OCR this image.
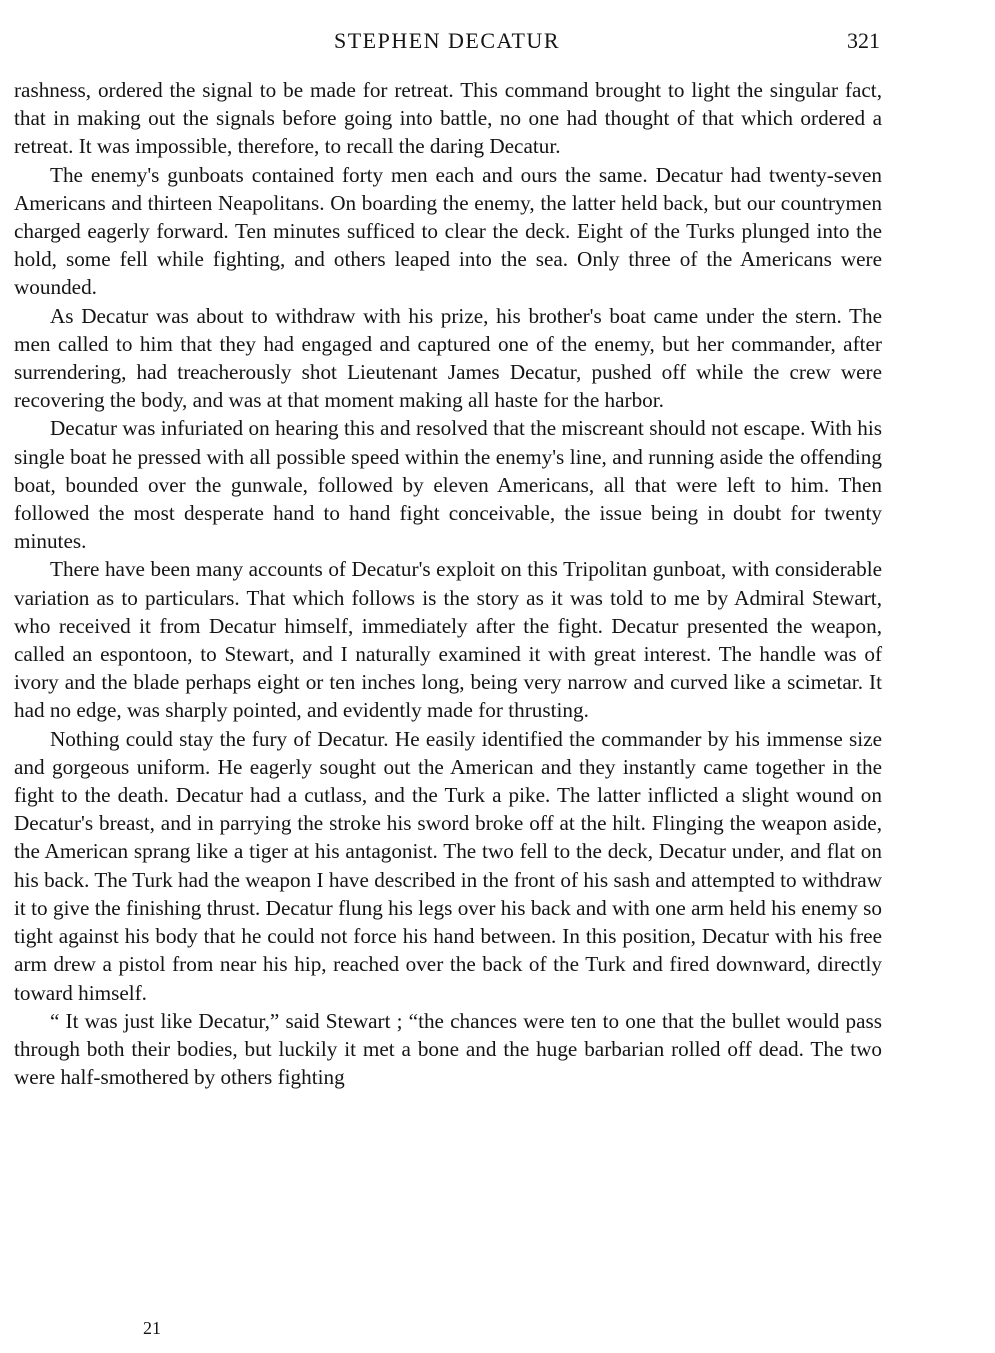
STEPHEN DECATUR	321

rashness, ordered the signal to be made for retreat. This command brought to light the singular fact, that in making out the signals before going into battle, no one had thought of that which ordered a retreat. It was impossible, therefore, to recall the daring Decatur.

The enemy's gunboats contained forty men each and ours the same. Decatur had twenty-seven Americans and thirteen Neapolitans. On boarding the enemy, the latter held back, but our countrymen charged eagerly forward. Ten minutes sufficed to clear the deck. Eight of the Turks plunged into the hold, some fell while fighting, and others leaped into the sea. Only three of the Americans were wounded.

As Decatur was about to withdraw with his prize, his brother's boat came under the stern. The men called to him that they had engaged and captured one of the enemy, but her commander, after surrendering, had treacherously shot Lieutenant James Decatur, pushed off while the crew were recovering the body, and was at that moment making all haste for the harbor.

Decatur was infuriated on hearing this and resolved that the miscreant should not escape. With his single boat he pressed with all possible speed within the enemy's line, and running aside the offending boat, bounded over the gunwale, followed by eleven Americans, all that were left to him. Then followed the most desperate hand to hand fight conceivable, the issue being in doubt for twenty minutes.

There have been many accounts of Decatur's exploit on this Tripolitan gunboat, with considerable variation as to particulars. That which follows is the story as it was told to me by Admiral Stewart, who received it from Decatur himself, immediately after the fight. Decatur presented the weapon, called an espontoon, to Stewart, and I naturally examined it with great interest. The handle was of ivory and the blade perhaps eight or ten inches long, being very narrow and curved like a scimetar. It had no edge, was sharply pointed, and evidently made for thrusting.

Nothing could stay the fury of Decatur. He easily identified the commander by his immense size and gorgeous uniform. He eagerly sought out the American and they instantly came together in the fight to the death. Decatur had a cutlass, and the Turk a pike. The latter inflicted a slight wound on Decatur's breast, and in parrying the stroke his sword broke off at the hilt. Flinging the weapon aside, the American sprang like a tiger at his antagonist. The two fell to the deck, Decatur under, and flat on his back. The Turk had the weapon I have described in the front of his sash and attempted to withdraw it to give the finishing thrust. Decatur flung his legs over his back and with one arm held his enemy so tight against his body that he could not force his hand between. In this position, Decatur with his free arm drew a pistol from near his hip, reached over the back of the Turk and fired downward, directly toward himself.

“ It was just like Decatur,” said Stewart ; “the chances were ten to one that the bullet would pass through both their bodies, but luckily it met a bone and the huge barbarian rolled off dead. The two were half-smothered by others fighting

21
